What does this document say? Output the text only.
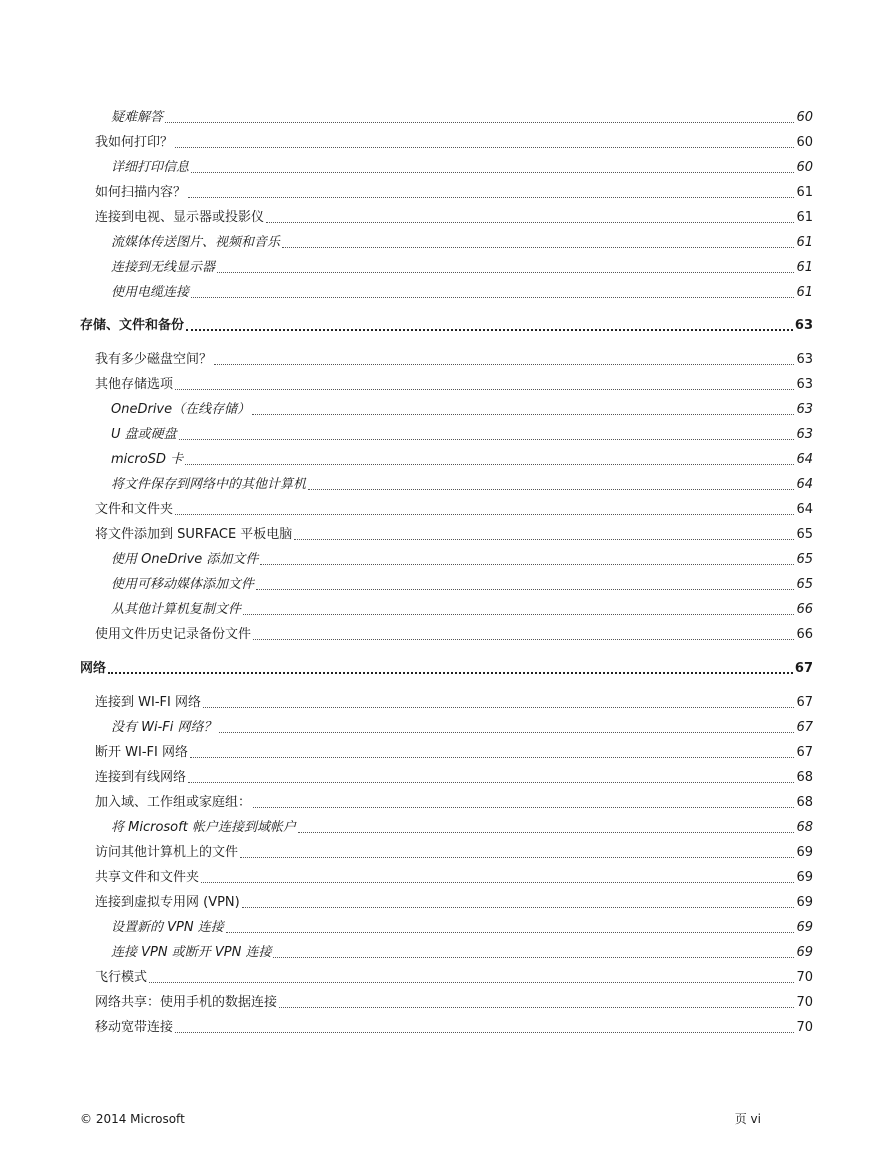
疑难解答	60
我如何打印？	60
详细打印信息	60
如何扫描内容？	61
连接到电视、显示器或投影仪	61
流媒体传送图片、视频和音乐	61
连接到无线显示器	61
使用电缆连接	61
存储、文件和备份	63
我有多少磁盘空间？	63
其他存储选项	63
OneDrive（在线存储）	63
U 盘或硬盘	63
microSD 卡	64
将文件保存到网络中的其他计算机	64
文件和文件夹	64
将文件添加到 SURFACE 平板电脑	65
使用 OneDrive 添加文件	65
使用可移动媒体添加文件	65
从其他计算机复制文件	66
使用文件历史记录备份文件	66
网络	67
连接到 WI-FI 网络	67
没有 Wi-Fi 网络？	67
断开 WI-FI 网络	67
连接到有线网络	68
加入域、工作组或家庭组：	68
将 Microsoft 帐户连接到域帐户	68
访问其他计算机上的文件	69
共享文件和文件夹	69
连接到虚拟专用网 (VPN)	69
设置新的 VPN 连接	69
连接 VPN 或断开 VPN 连接	69
飞行模式	70
网络共享：使用手机的数据连接	70
移动宽带连接	70
© 2014 Microsoft	页 vi
